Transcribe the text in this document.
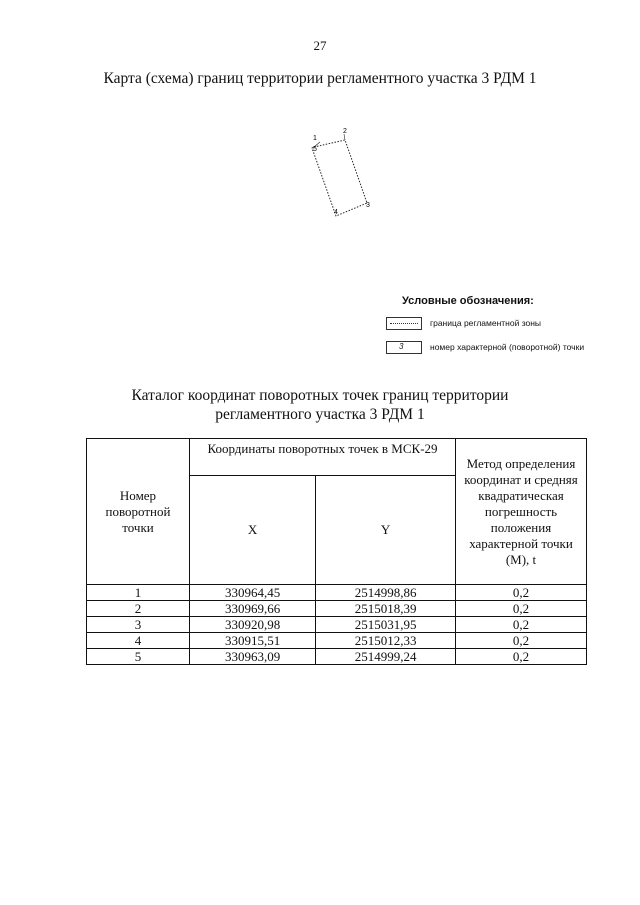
27
Карта (схема) границ территории регламентного участка 3 РДМ 1
1
2
3
4
5
Условные обозначения:
граница регламентной зоны
3	номер характерной (поворотной) точки
Каталог координат поворотных точек границ территории
регламентного участка 3 РДМ 1
Номер поворотной точки	Координаты поворотных точек в МСК-29		Метод определения координат и средняя квадратическая погрешность положения характерной точки (М), t
	X	Y	
1	330964,45	2514998,86	0,2
2	330969,66	2515018,39	0,2
3	330920,98	2515031,95	0,2
4	330915,51	2515012,33	0,2
5	330963,09	2514999,24	0,2
